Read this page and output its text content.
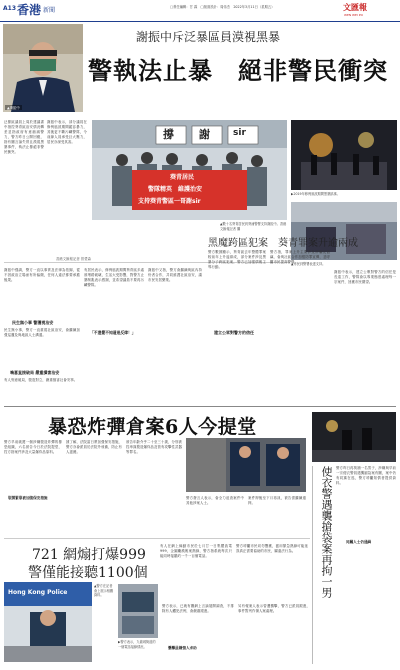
A13 香港 新聞	□責任編輯：甘 霖　□版面設計：周伟杰　2022年3月11日（星期五）	文匯報
WEN WEI PO
▲謝振中
謝振中斥泛暴區員漠視黑暴
警執法止暴　絕非警民衝突
泛暴區議員上周於建議書中指控葵青區治安情況轉差並指政府有意縮減警力，警方昨日公開回應，指有關言論失實且漠視黑暴事件，執法止暴絕非警民衝突。
謝振中表示，部分議員在修例風波期間縱容暴力，其後更不斷污衊警隊，令前線人員承受巨大壓力，居民亦深受其害。
香港文匯報記者 曾愛森
撐 謝	sir
葵青居民
警隊精英　維護治安
支持葵青警區一哥謝sir
▶2019年修例風波期間黑暴搞事。
▲數十名葵青居民到葵涌警署支持謝振中。香港文匯報記者 攝
▲市民到警署表達支持。
謝振中強調，警方一直以事實及法律為依歸，從不因政治立場而有所偏頗，任何人違法都要承擔後果。
民生無小事 警獲視治安
民生無小事，警方一直重視社區治安，會繼續加強巡邏及與地區人士溝通。
鳴喜直接破局 嚴重損害治安
有人刻意破局，製造對立，嚴重損害社會安寧。
有居民表示，修例風波期間葵青區多處被堵路破壞，生活大受影響，對警方止暴制亂表示感謝，並希望議員不要再污衊警隊。
「不達覺不知道是反律！」
謝振中又指，警方會繼續與區內持份者合作，共同維護社區治安，讓市民安居樂業。
黑魔跨區犯案　葵青罪案升逾兩成
警方數據顯示，葵青區去年整體罪案較前年上升逾兩成，部分案件涉及黑暴分子跨區犯案，警方已加強情報主導行動。
建立公眾對警方的信任
警方指，罪案上升主要涉及詐騙及盜竊，會與社區合作加強防罪宣傳，並呼籲市民提高警覺。
謝振中表示，建立公眾對警方的信任是長遠工作，警隊會以專業態度處理每一宗案件，回應市民期望。
暴恐炸彈倉案6人今提堂
警方早前破獲一個涉嫌製造炸彈的暴恐組織，六名被告今日於法院提堂，控方指案件涉及大量爆炸品原料。
裂開緊靠被加強保安措施
據了解，法院當日將加強保安措施，警方亦會派員於法院外戒備，防止有人滋擾。
被告年齡介乎二十至三十歲，分別被控串謀製造爆炸品及管有攻擊性武器等罪名。
警方發言人表示，會全力追查案件中其他涉案人士。
案件押後至下月再訊，被告需繼續還押。	使衣警遇襲搶袋案再拘一男 警方昨日再拘捕一名男子，涉嫌與早前一宗便衣警員遇襲搶袋案有關，案中仍有同黨在逃，警方呼籲知情者提供資料。
同屬人士仍通緝
721 網煽打爆999
警僅能接聽1100個
有人在網上煽動市民於七月廿一日集體致電999，企圖癱瘓報案熱線，警方指系統每次只能同時接聽約一千一百個電話。
警方呼籲市民切勿響應，濫用緊急熱線可能延誤真正需要協助的市民，屬違法行為。
Hong Kong Police
▲警方在記者會上展示相關資料。
▶警方表示，九龍城街道的一個電話接線情況。
警方表示，已就有關網上言論展開調查，不排除有人觸犯法例，會嚴肅跟進。
襲擊員嫌情人求助
另有報案人表示曾遭襲擊，警方已派員跟進，事件暫列作傷人案處理。
